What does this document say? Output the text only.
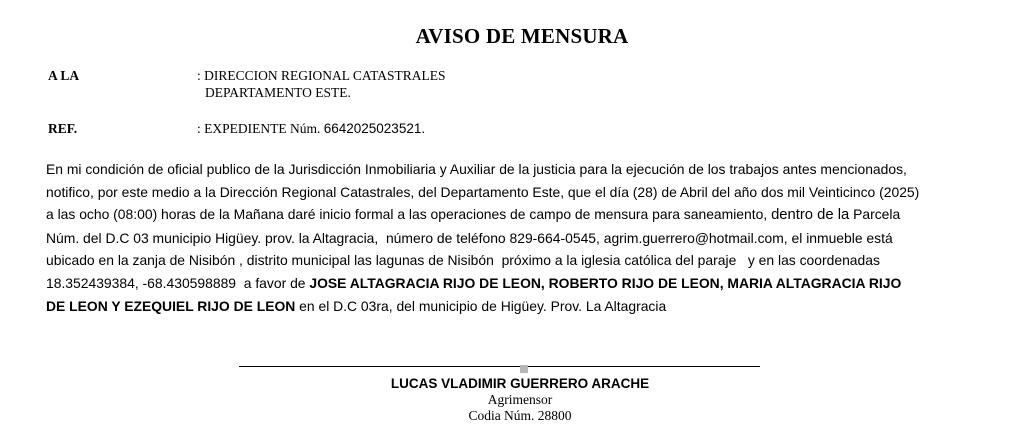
AVISO DE MENSURA
A LA	: DIRECCION REGIONAL CATASTRALES
DEPARTAMENTO ESTE.
REF.	: EXPEDIENTE Núm. 6642025023521.
En mi condición de oficial publico de la Jurisdicción Inmobiliaria y Auxiliar de la justicia para la ejecución de los trabajos antes mencionados,
notifico, por este medio a la Dirección Regional Catastrales, del Departamento Este, que el día (28) de Abril del año dos mil Veinticinco (2025)
a las ocho (08:00) horas de la Mañana daré inicio formal a las operaciones de campo de mensura para saneamiento, dentro de la Parcela
Núm. del D.C 03 municipio Higüey. prov. la Altagracia,  número de teléfono 829-664-0545, agrim.guerrero@hotmail.com, el inmueble está
ubicado en la zanja de Nisibón , distrito municipal las lagunas de Nisibón  próximo a la iglesia católica del paraje   y en las coordenadas
18.352439384, -68.430598889  a favor de JOSE ALTAGRACIA RIJO DE LEON, ROBERTO RIJO DE LEON, MARIA ALTAGRACIA RIJO
DE LEON Y EZEQUIEL RIJO DE LEON en el D.C 03ra, del municipio de Higüey. Prov. La Altagracia
LUCAS VLADIMIR GUERRERO ARACHE
Agrimensor
Codia Núm. 28800
